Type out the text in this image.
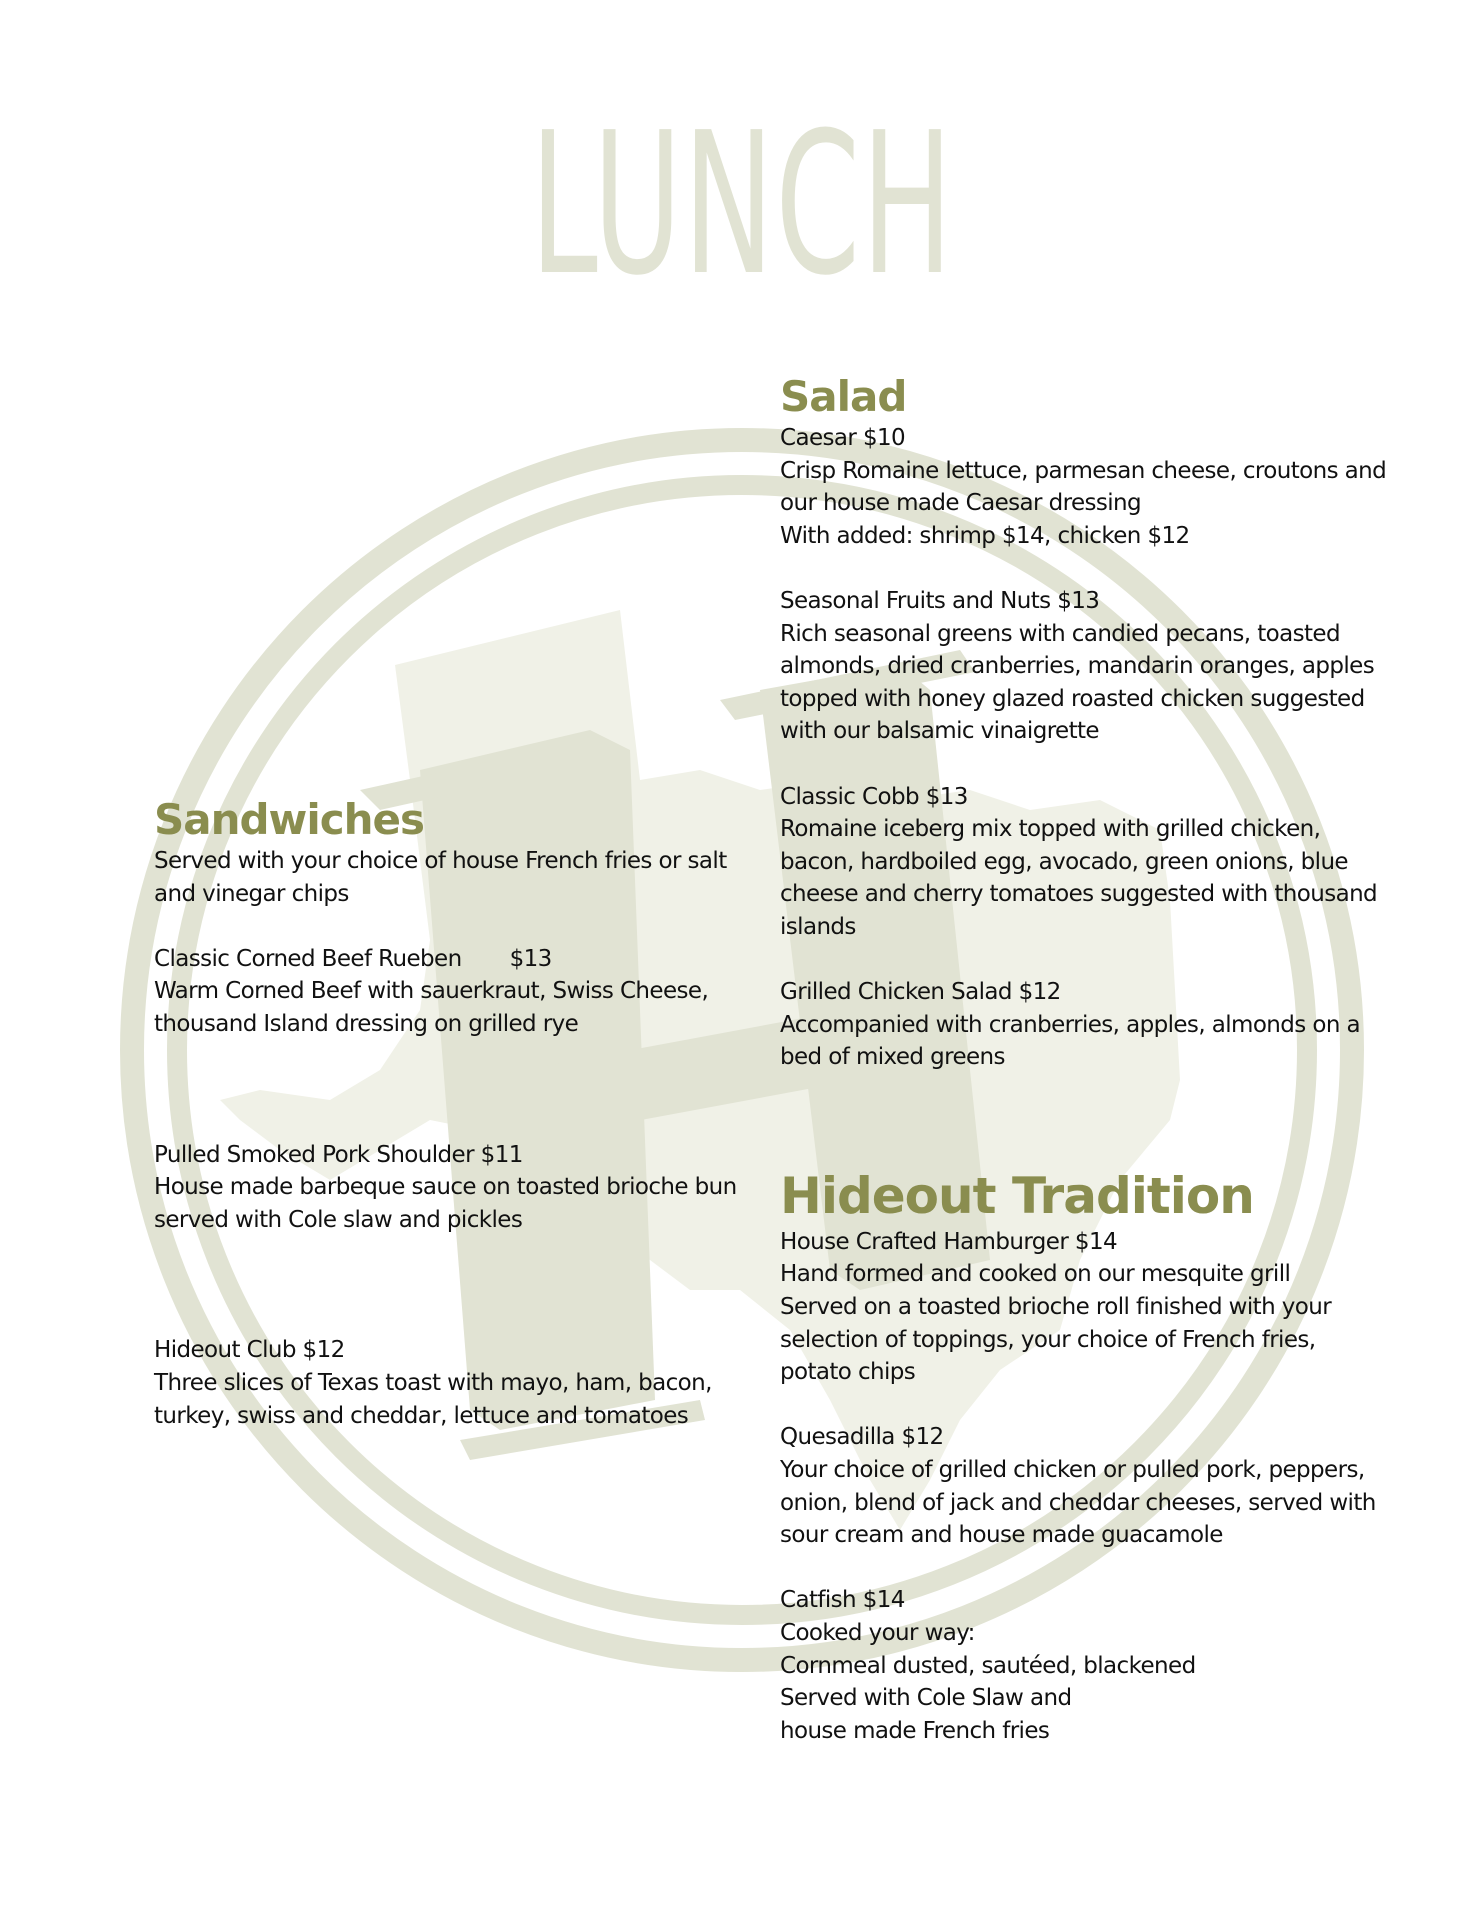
LUNCH
Sandwiches

Served with your choice of house French fries or salt

and vinegar chips

Classic Corned Beef Rueben $13

Warm Corned Beef with sauerkraut, Swiss Cheese,

thousand Island dressing on grilled rye

Pulled Smoked Pork Shoulder $11

House made barbeque sauce on toasted brioche bun

served with Cole slaw and pickles

Hideout Club $12

Three slices of Texas toast with mayo, ham, bacon,

turkey, swiss and cheddar, lettuce and tomatoes

Salad

Caesar $10

Crisp Romaine lettuce, parmesan cheese, croutons and

our house made Caesar dressing

With added: shrimp $14, chicken $12

Seasonal Fruits and Nuts $13

Rich seasonal greens with candied pecans, toasted

almonds, dried cranberries, mandarin oranges, apples

topped with honey glazed roasted chicken suggested

with our balsamic vinaigrette

Classic Cobb $13

Romaine iceberg mix topped with grilled chicken,

bacon, hardboiled egg, avocado, green onions, blue

cheese and cherry tomatoes suggested with thousand

islands

Grilled Chicken Salad $12

Accompanied with cranberries, apples, almonds on a

bed of mixed greens

Hideout Tradition

House Crafted Hamburger $14

Hand formed and cooked on our mesquite grill

Served on a toasted brioche roll finished with your

selection of toppings, your choice of French fries,

potato chips

Quesadilla $12

Your choice of grilled chicken or pulled pork, peppers,

onion, blend of jack and cheddar cheeses, served with

sour cream and house made guacamole

Catfish $14

Cooked your way:

Cornmeal dusted, sautéed, blackened

Served with Cole Slaw and

house made French fries
